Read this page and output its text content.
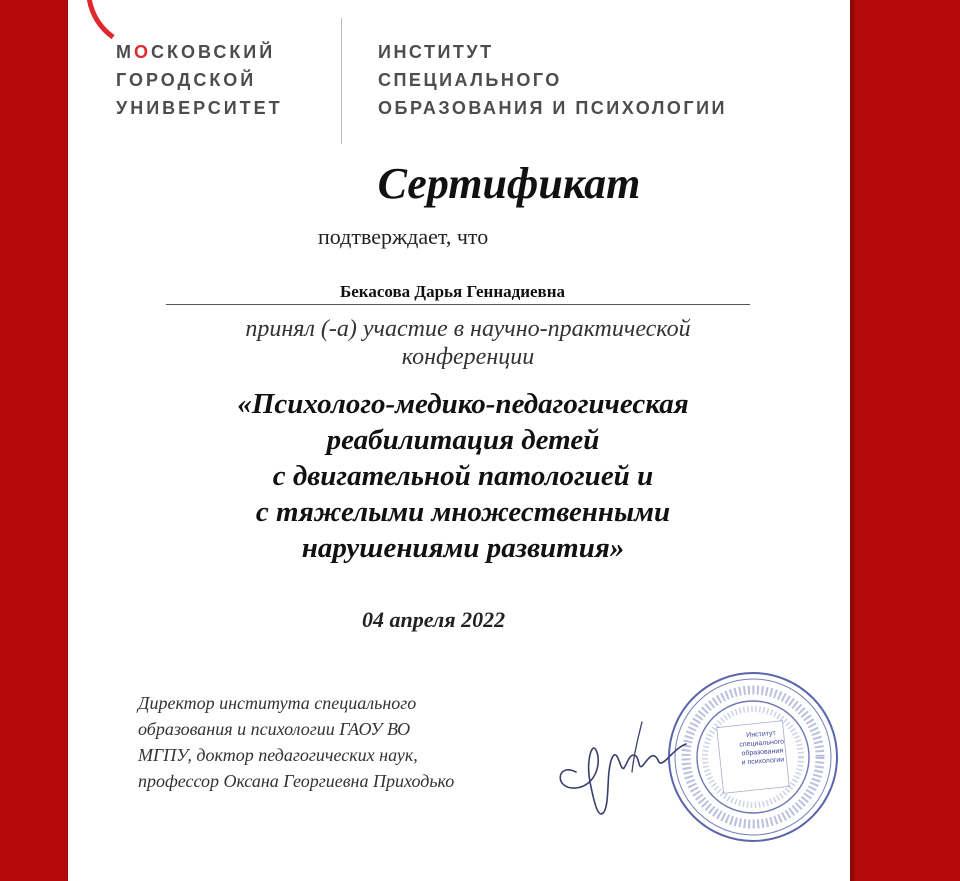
МОСКОВСКИЙ
ГОРОДСКОЙ
УНИВЕРСИТЕТ
ИНСТИТУТ
СПЕЦИАЛЬНОГО
ОБРАЗОВАНИЯ И ПСИХОЛОГИИ
Сертификат
подтверждает, что
Бекасова Дарья Геннадиевна
принял (-а) участие в научно-практической
конференции
«Психолого-медико-педагогическая
реабилитация детей
с двигательной патологией и
с тяжелыми множественными
нарушениями развития»
04 апреля 2022
Директор института специального
образования и психологии ГАОУ ВО
МГПУ, доктор педагогических наук,
профессор Оксана Георгиевна Приходько
Институт
специального
образования
и психологии
